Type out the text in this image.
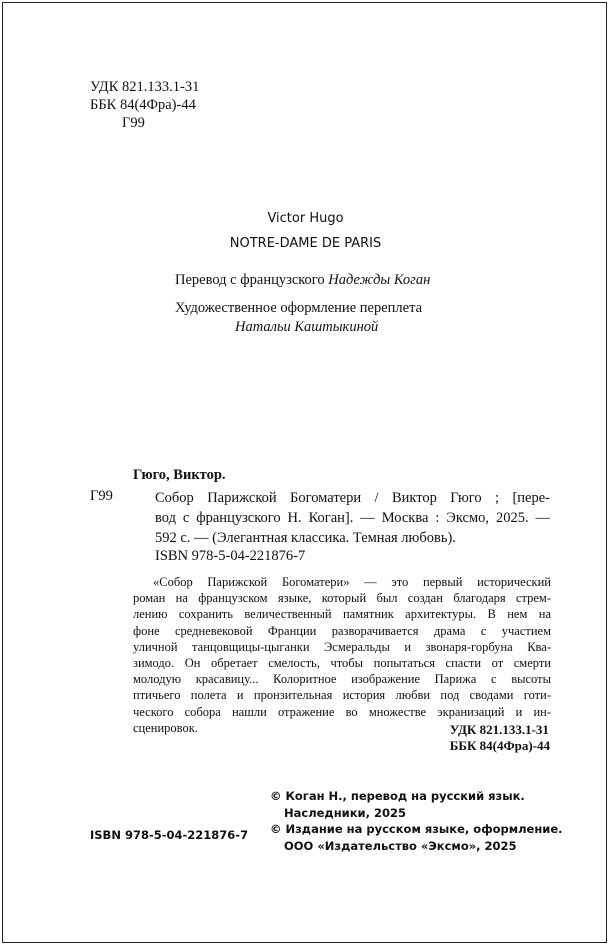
УДК 821.133.1-31
ББК 84(4Фра)-44
Г99
Victor Hugo
NOTRE-DAME DE PARIS
Перевод с французского Надежды Коган
Художественное оформление переплета
Натальи Каштыкиной
Гюго, Виктор.
Г99	Собор Парижской Богоматери / Виктор Гюго ; [пере-
вод с французского Н. Коган]. — Москва : Эксмо, 2025. —
592 с. — (Элегантная классика. Темная любовь).
ISBN 978-5-04-221876-7
«Собор Парижской Богоматери» — это первый исторический
роман на французском языке, который был создан благодаря стрем-
лению сохранить величественный памятник архитектуры. В нем на
фоне средневековой Франции разворачивается драма с участием
уличной танцовщицы-цыганки Эсмеральды и звонаря-горбуна Ква-
зимодо. Он обретает смелость, чтобы попытаться спасти от смерти
молодую красавицу... Колоритное изображение Парижа с высоты
птичьего полета и пронзительная история любви под сводами готи-
ческого собора нашли отражение во множестве экранизаций и ин-
сценировок.	УДК 821.133.1-31
ББК 84(4Фра)-44
© Коган Н., перевод на русский язык.
Наследники, 2025
© Издание на русском языке, оформление.
ООО «Издательство «Эксмо», 2025
ISBN 978-5-04-221876-7
